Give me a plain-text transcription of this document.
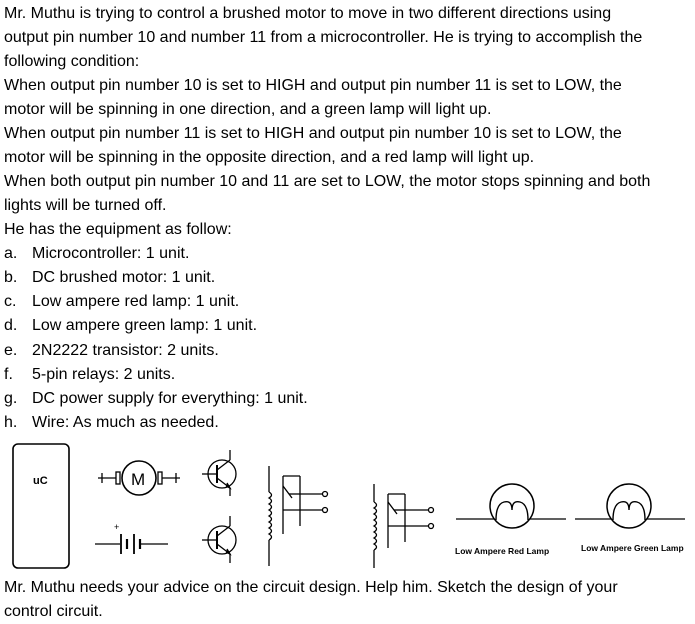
Mr. Muthu is trying to control a brushed motor to move in two different directions using
output pin number 10 and number 11 from a microcontroller. He is trying to accomplish the
following condition:
When output pin number 10 is set to HIGH and output pin number 11 is set to LOW, the
motor will be spinning in one direction, and a green lamp will light up.
When output pin number 11 is set to HIGH and output pin number 10 is set to LOW, the
motor will be spinning in the opposite direction, and a red lamp will light up.
When both output pin number 10 and 11 are set to LOW, the motor stops spinning and both
lights will be turned off.
He has the equipment as follow:
a. Microcontroller: 1 unit.
b. DC brushed motor: 1 unit.
c. Low ampere red lamp: 1 unit.
d. Low ampere green lamp: 1 unit.
e. 2N2222 transistor: 2 units.
f. 5-pin relays: 2 units.
g. DC power supply for everything: 1 unit.
h. Wire: As much as needed.
uC	M
+
Low Ampere Red Lamp	Low Ampere Green Lamp
Mr. Muthu needs your advice on the circuit design. Help him. Sketch the design of your
control circuit.
